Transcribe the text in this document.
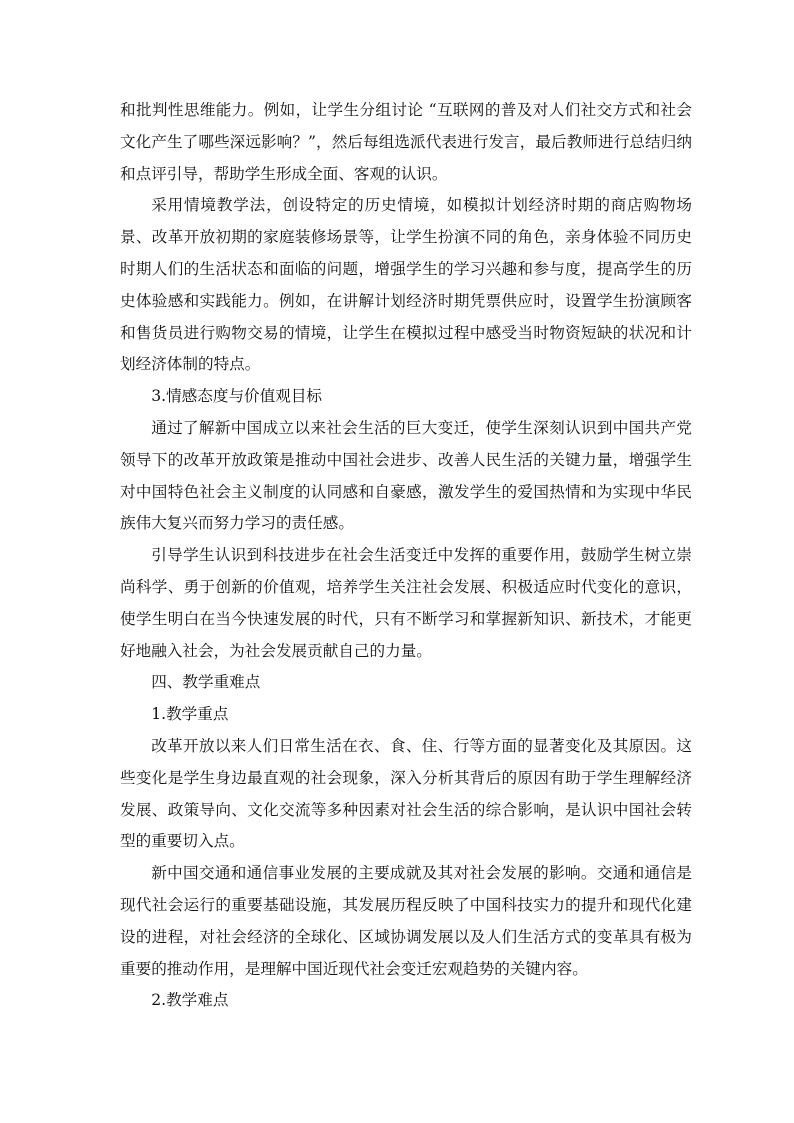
和批判性思维能力。例如，让学生分组讨论 “互联网的普及对人们社交方式和社会文化产生了哪些深远影响？”，然后每组选派代表进行发言，最后教师进行总结归纳和点评引导，帮助学生形成全面、客观的认识。

采用情境教学法，创设特定的历史情境，如模拟计划经济时期的商店购物场景、改革开放初期的家庭装修场景等，让学生扮演不同的角色，亲身体验不同历史时期人们的生活状态和面临的问题，增强学生的学习兴趣和参与度，提高学生的历史体验感和实践能力。例如，在讲解计划经济时期凭票供应时，设置学生扮演顾客和售货员进行购物交易的情境，让学生在模拟过程中感受当时物资短缺的状况和计划经济体制的特点。

3.情感态度与价值观目标

通过了解新中国成立以来社会生活的巨大变迁，使学生深刻认识到中国共产党领导下的改革开放政策是推动中国社会进步、改善人民生活的关键力量，增强学生对中国特色社会主义制度的认同感和自豪感，激发学生的爱国热情和为实现中华民族伟大复兴而努力学习的责任感。

引导学生认识到科技进步在社会生活变迁中发挥的重要作用，鼓励学生树立崇尚科学、勇于创新的价值观，培养学生关注社会发展、积极适应时代变化的意识，使学生明白在当今快速发展的时代，只有不断学习和掌握新知识、新技术，才能更好地融入社会，为社会发展贡献自己的力量。

四、教学重难点

1.教学重点

改革开放以来人们日常生活在衣、食、住、行等方面的显著变化及其原因。这些变化是学生身边最直观的社会现象，深入分析其背后的原因有助于学生理解经济发展、政策导向、文化交流等多种因素对社会生活的综合影响，是认识中国社会转型的重要切入点。

新中国交通和通信事业发展的主要成就及其对社会发展的影响。交通和通信是现代社会运行的重要基础设施，其发展历程反映了中国科技实力的提升和现代化建设的进程，对社会经济的全球化、区域协调发展以及人们生活方式的变革具有极为重要的推动作用，是理解中国近现代社会变迁宏观趋势的关键内容。

2.教学难点
